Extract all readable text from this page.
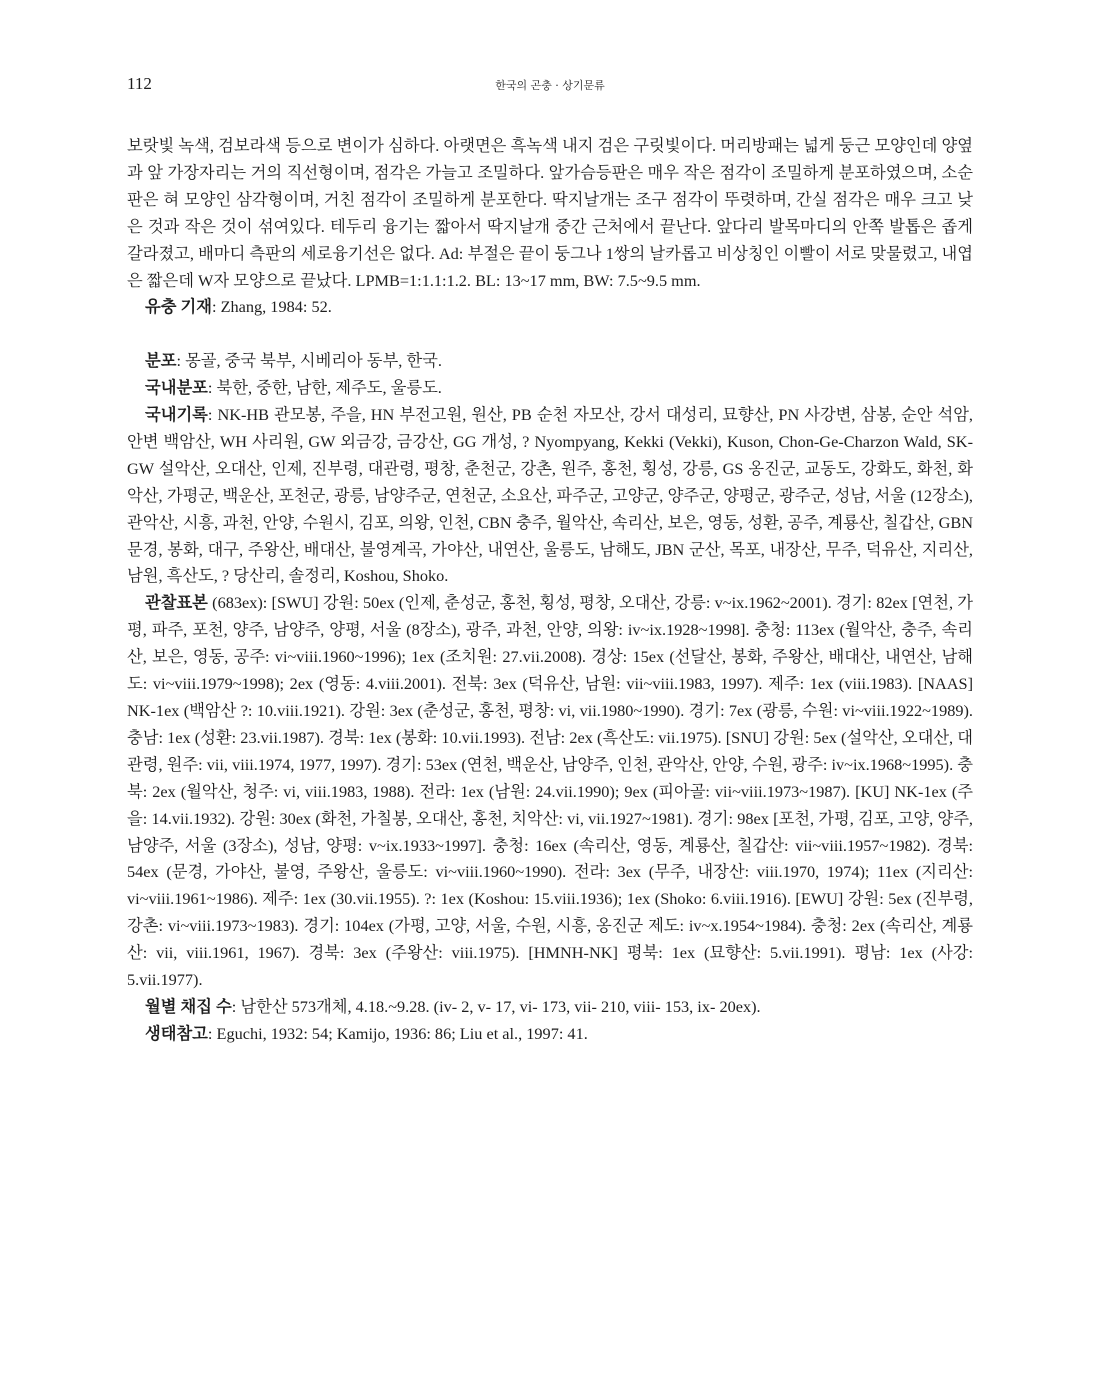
112	한국의 곤충 · 상기문류

보랏빛 녹색, 검보라색 등으로 변이가 심하다. 아랫면은 흑녹색 내지 검은 구릿빛이다. 머리방패는 넓게 둥근 모양인데 양옆과 앞 가장자리는 거의 직선형이며, 점각은 가늘고 조밀하다. 앞가슴등판은 매우 작은 점각이 조밀하게 분포하였으며, 소순판은 혀 모양인 삼각형이며, 거친 점각이 조밀하게 분포한다. 딱지날개는 조구 점각이 뚜렷하며, 간실 점각은 매우 크고 낮은 것과 작은 것이 섞여있다. 테두리 융기는 짧아서 딱지날개 중간 근처에서 끝난다. 앞다리 발목마디의 안쪽 발톱은 좁게 갈라졌고, 배마디 측판의 세로융기선은 없다. Ad: 부절은 끝이 둥그나 1쌍의 날카롭고 비상칭인 이빨이 서로 맞물렸고, 내엽은 짧은데 W자 모양으로 끝났다. LPMB=1:1.1:1.2. BL: 13~17 mm, BW: 7.5~9.5 mm.

유충 기재: Zhang, 1984: 52.

분포: 몽골, 중국 북부, 시베리아 동부, 한국.

국내분포: 북한, 중한, 남한, 제주도, 울릉도.

국내기록: NK-HB 관모봉, 주을, HN 부전고원, 원산, PB 순천 자모산, 강서 대성리, 묘향산, PN 사강변, 삼봉, 순안 석암, 안변 백암산, WH 사리원, GW 외금강, 금강산, GG 개성, ? Nyompyang, Kekki (Vekki), Kuson, Chon-Ge-Charzon Wald, SK-GW 설악산, 오대산, 인제, 진부령, 대관령, 평창, 춘천군, 강촌, 원주, 홍천, 횡성, 강릉, GS 옹진군, 교동도, 강화도, 화천, 화악산, 가평군, 백운산, 포천군, 광릉, 남양주군, 연천군, 소요산, 파주군, 고양군, 양주군, 양평군, 광주군, 성남, 서울 (12장소), 관악산, 시흥, 과천, 안양, 수원시, 김포, 의왕, 인천, CBN 충주, 월악산, 속리산, 보은, 영동, 성환, 공주, 계룡산, 칠갑산, GBN 문경, 봉화, 대구, 주왕산, 배대산, 불영계곡, 가야산, 내연산, 울릉도, 남해도, JBN 군산, 목포, 내장산, 무주, 덕유산, 지리산, 남원, 흑산도, ? 당산리, 솔정리, Koshou, Shoko.

관찰표본 (683ex): [SWU] 강원: 50ex (인제, 춘성군, 홍천, 횡성, 평창, 오대산, 강릉: v~ix.1962~2001). 경기: 82ex [연천, 가평, 파주, 포천, 양주, 남양주, 양평, 서울 (8장소), 광주, 과천, 안양, 의왕: iv~ix.1928~1998]. 충청: 113ex (월악산, 충주, 속리산, 보은, 영동, 공주: vi~viii.1960~1996); 1ex (조치원: 27.vii.2008). 경상: 15ex (선달산, 봉화, 주왕산, 배대산, 내연산, 남해도: vi~viii.1979~1998); 2ex (영동: 4.viii.2001). 전북: 3ex (덕유산, 남원: vii~viii.1983, 1997). 제주: 1ex (viii.1983). [NAAS] NK-1ex (백암산 ?: 10.viii.1921). 강원: 3ex (춘성군, 홍천, 평창: vi, vii.1980~1990). 경기: 7ex (광릉, 수원: vi~viii.1922~1989). 충남: 1ex (성환: 23.vii.1987). 경북: 1ex (봉화: 10.vii.1993). 전남: 2ex (흑산도: vii.1975). [SNU] 강원: 5ex (설악산, 오대산, 대관령, 원주: vii, viii.1974, 1977, 1997). 경기: 53ex (연천, 백운산, 남양주, 인천, 관악산, 안양, 수원, 광주: iv~ix.1968~1995). 충북: 2ex (월악산, 청주: vi, viii.1983, 1988). 전라: 1ex (남원: 24.vii.1990); 9ex (피아골: vii~viii.1973~1987). [KU] NK-1ex (주을: 14.vii.1932). 강원: 30ex (화천, 가칠봉, 오대산, 홍천, 치악산: vi, vii.1927~1981). 경기: 98ex [포천, 가평, 김포, 고양, 양주, 남양주, 서울 (3장소), 성남, 양평: v~ix.1933~1997]. 충청: 16ex (속리산, 영동, 계룡산, 칠갑산: vii~viii.1957~1982). 경북: 54ex (문경, 가야산, 불영, 주왕산, 울릉도: vi~viii.1960~1990). 전라: 3ex (무주, 내장산: viii.1970, 1974); 11ex (지리산: vi~viii.1961~1986). 제주: 1ex (30.vii.1955). ?: 1ex (Koshou: 15.viii.1936); 1ex (Shoko: 6.viii.1916). [EWU] 강원: 5ex (진부령, 강촌: vi~viii.1973~1983). 경기: 104ex (가평, 고양, 서울, 수원, 시흥, 옹진군 제도: iv~x.1954~1984). 충청: 2ex (속리산, 계룡산: vii, viii.1961, 1967). 경북: 3ex (주왕산: viii.1975). [HMNH-NK] 평북: 1ex (묘향산: 5.vii.1991). 평남: 1ex (사강: 5.vii.1977).

월별 채집 수: 남한산 573개체, 4.18.~9.28. (iv- 2, v- 17, vi- 173, vii- 210, viii- 153, ix- 20ex).

생태참고: Eguchi, 1932: 54; Kamijo, 1936: 86; Liu et al., 1997: 41.
